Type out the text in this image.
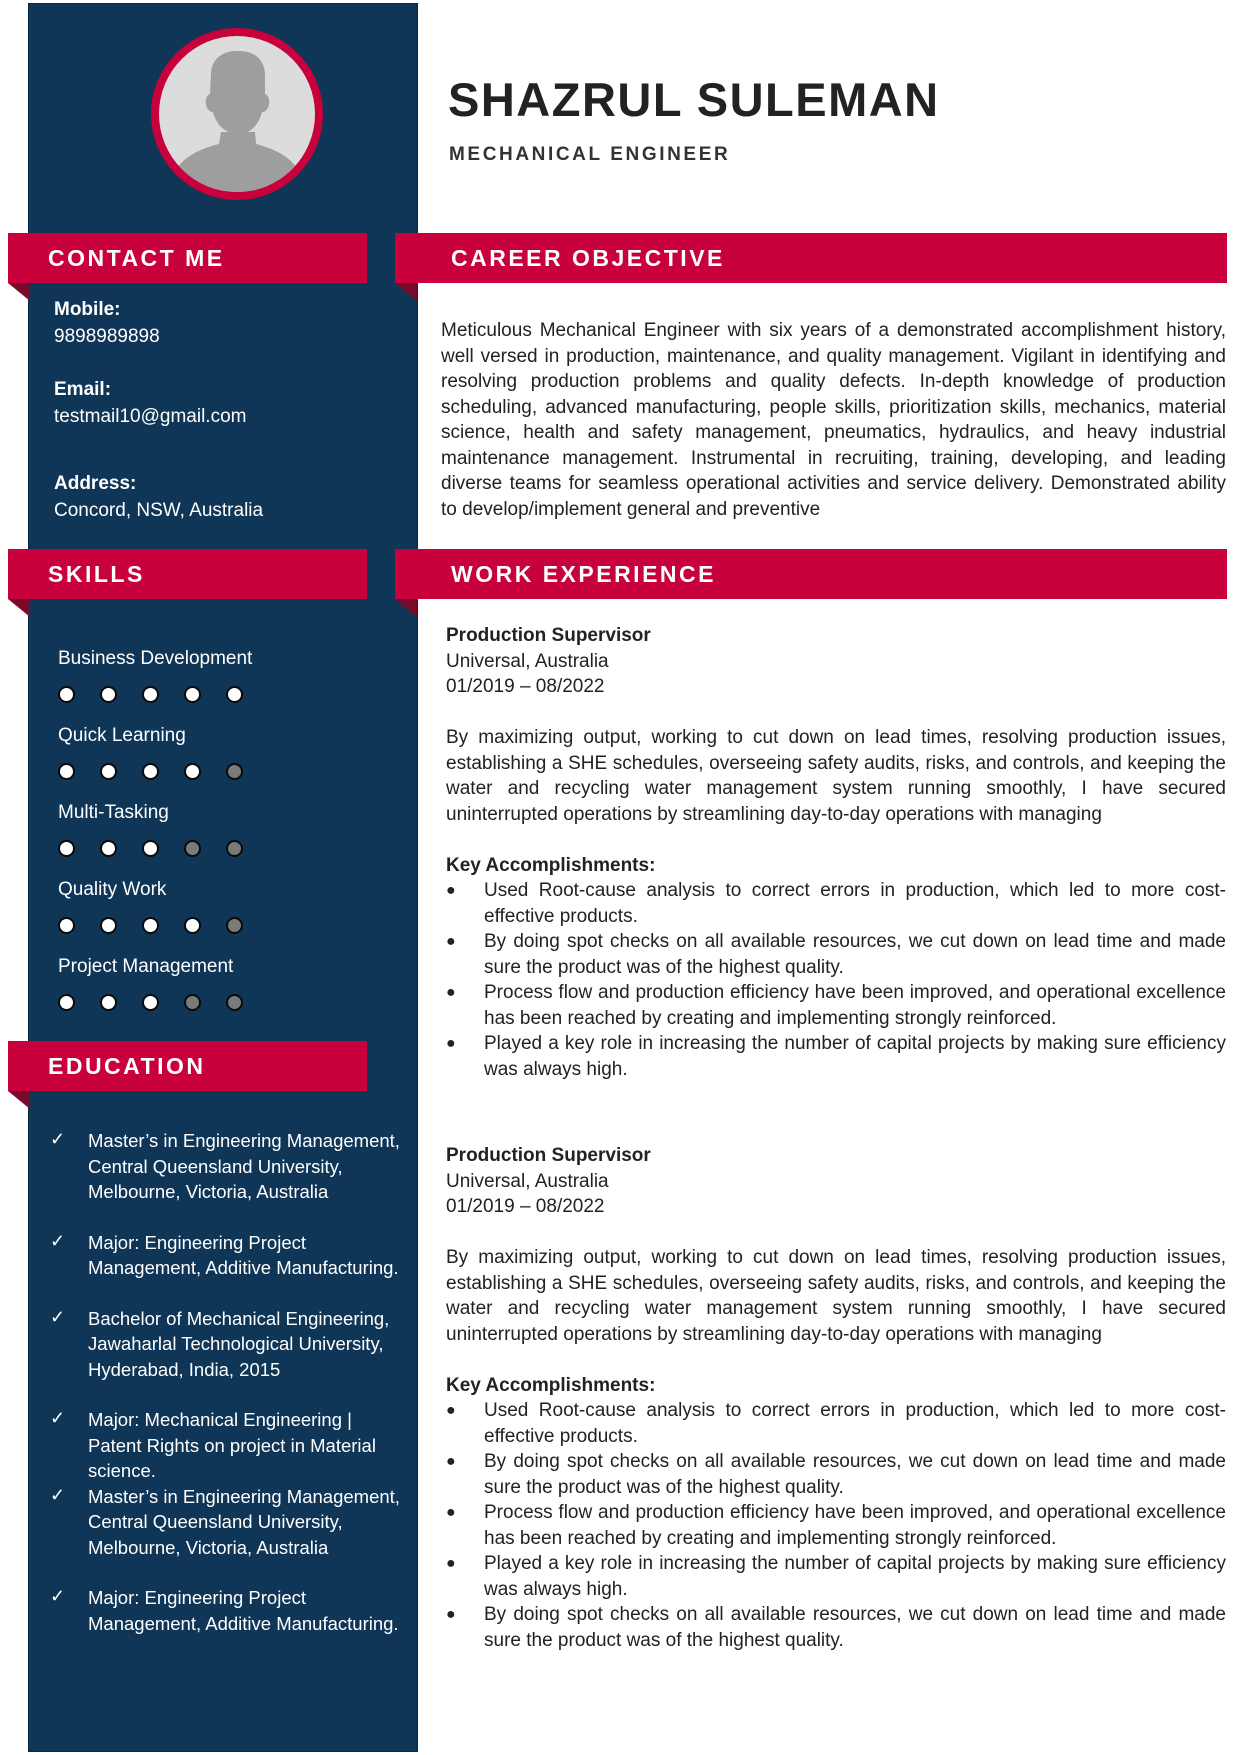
SHAZRUL SULEMAN
MECHANICAL ENGINEER
CONTACT ME
Mobile:
9898989898
Email:
testmail10@gmail.com
Address:
Concord, NSW, Australia
SKILLS
Business Development
Quick Learning
Multi-Tasking
Quality Work
Project Management
EDUCATION
✓ Master’s in Engineering Management, Central Queensland University, Melbourne, Victoria, Australia
✓ Major: Engineering Project Management, Additive Manufacturing.
✓ Bachelor of Mechanical Engineering, Jawaharlal Technological University, Hyderabad, India, 2015
✓ Major: Mechanical Engineering | Patent Rights on project in Material science.
✓ Master’s in Engineering Management, Central Queensland University, Melbourne, Victoria, Australia
✓ Major: Engineering Project Management, Additive Manufacturing.
CAREER OBJECTIVE

Meticulous Mechanical Engineer with six years of a demonstrated accomplishment history, well versed in production, maintenance, and quality management. Vigilant in identifying and resolving production problems and quality defects. In-depth knowledge of production scheduling, advanced manufacturing, people skills, prioritization skills, mechanics, material science, health and safety management, pneumatics, hydraulics, and heavy industrial maintenance management. Instrumental in recruiting, training, developing, and leading diverse teams for seamless operational activities and service delivery. Demonstrated ability to develop/implement general and preventive

WORK EXPERIENCE
Production Supervisor
Universal, Australia
01/2019 – 08/2022
By maximizing output, working to cut down on lead times, resolving production issues, establishing a SHE schedules, overseeing safety audits, risks, and controls, and keeping the water and recycling water management system running smoothly, I have secured uninterrupted operations by streamlining day-to-day operations with managing
Key Accomplishments:
● Used Root-cause analysis to correct errors in production, which led to more cost-effective products.
● By doing spot checks on all available resources, we cut down on lead time and made sure the product was of the highest quality.
● Process flow and production efficiency have been improved, and operational excellence has been reached by creating and implementing strongly reinforced.
● Played a key role in increasing the number of capital projects by making sure efficiency was always high.
Production Supervisor
Universal, Australia
01/2019 – 08/2022
By maximizing output, working to cut down on lead times, resolving production issues, establishing a SHE schedules, overseeing safety audits, risks, and controls, and keeping the water and recycling water management system running smoothly, I have secured uninterrupted operations by streamlining day-to-day operations with managing
Key Accomplishments:
● Used Root-cause analysis to correct errors in production, which led to more cost-effective products.
● By doing spot checks on all available resources, we cut down on lead time and made sure the product was of the highest quality.
● Process flow and production efficiency have been improved, and operational excellence has been reached by creating and implementing strongly reinforced.
● Played a key role in increasing the number of capital projects by making sure efficiency was always high.
● By doing spot checks on all available resources, we cut down on lead time and made sure the product was of the highest quality.
